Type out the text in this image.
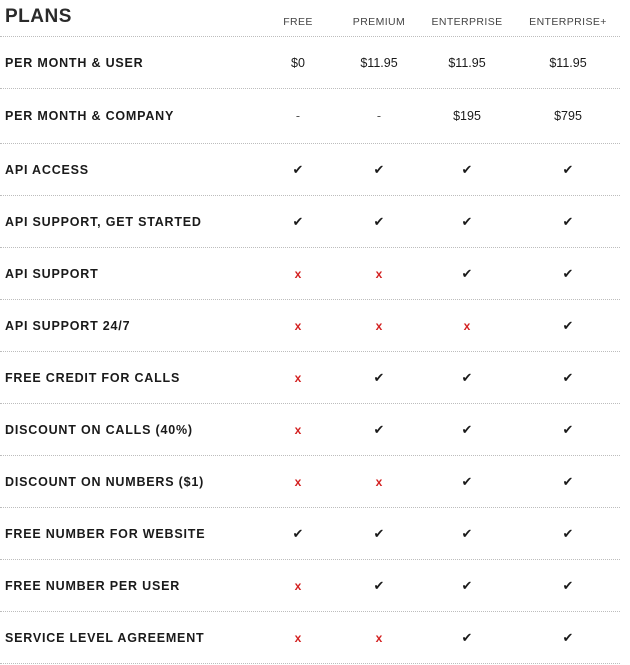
PLANS	FREE	PREMIUM	ENTERPRISE	ENTERPRISE+
PER MONTH & USER	$0	$11.95	$11.95	$11.95
PER MONTH & COMPANY	-	-	$195	$795
API ACCESS	✔	✔	✔	✔
API SUPPORT, GET STARTED	✔	✔	✔	✔
API SUPPORT	x	x	✔	✔
API SUPPORT 24/7	x	x	x	✔
FREE CREDIT FOR CALLS	x	✔	✔	✔
DISCOUNT ON CALLS (40%)	x	✔	✔	✔
DISCOUNT ON NUMBERS ($1)	x	x	✔	✔
FREE NUMBER FOR WEBSITE	✔	✔	✔	✔
FREE NUMBER PER USER	x	✔	✔	✔
SERVICE LEVEL AGREEMENT	x	x	✔	✔
